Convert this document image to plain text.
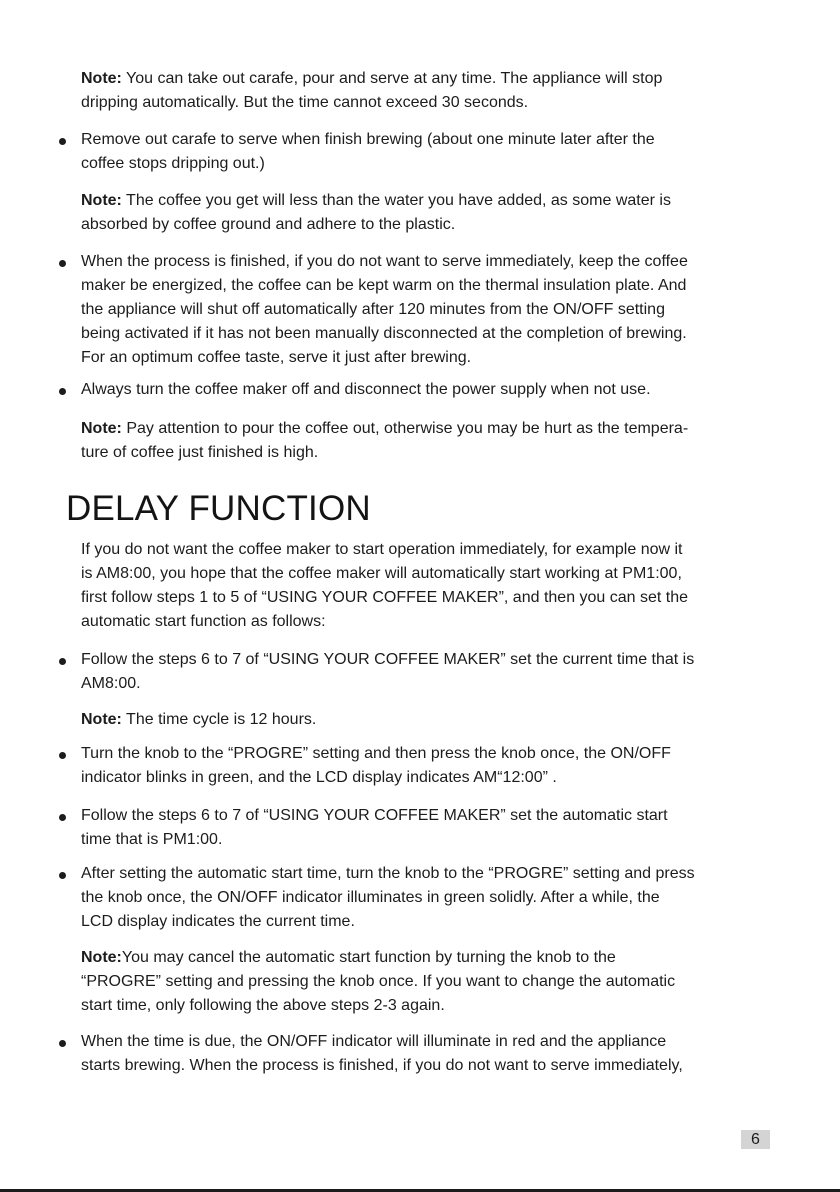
Note: You can take out carafe, pour and serve at any time. The appliance will stop
dripping automatically. But the time cannot exceed 30 seconds.
Remove out carafe to serve when finish brewing (about one minute later after the
coffee stops dripping out.)
Note: The coffee you get will less than the water you have added, as some water is
absorbed by coffee ground and adhere to the plastic.
When the process is finished, if you do not want to serve immediately, keep the coffee
maker be energized, the coffee can be kept warm on the thermal insulation plate. And
the appliance will shut off automatically after 120 minutes from the ON/OFF setting
being activated if it has not been manually disconnected at the completion of brewing.
For an optimum coffee taste, serve it just after brewing.
Always turn the coffee maker off and disconnect the power supply when not use.
Note: Pay attention to pour the coffee out, otherwise you may be hurt as the tempera-
ture of coffee just finished is high.
If you do not want the coffee maker to start operation immediately, for example now it
is AM8:00, you hope that the coffee maker will automatically start working at PM1:00,
first follow steps 1 to 5 of “USING YOUR COFFEE MAKER”, and then you can set the
automatic start function as follows:
Follow the steps 6 to 7 of “USING YOUR COFFEE MAKER” set the current time that is
AM8:00.
Note: The time cycle is 12 hours.
Turn the knob to the “PROGRE” setting and then press the knob once, the ON/OFF
indicator blinks in green, and the LCD display indicates AM“12:00” .
Follow the steps 6 to 7 of “USING YOUR COFFEE MAKER” set the automatic start
time that is PM1:00.
After setting the automatic start time, turn the knob to the “PROGRE” setting and press
the knob once, the ON/OFF indicator illuminates in green solidly. After a while, the
LCD display indicates the current time.
Note:You may cancel the automatic start function by turning the knob to the
“PROGRE” setting and pressing the knob once. If you want to change the automatic
start time, only following the above steps 2-3 again.
When the time is due, the ON/OFF indicator will illuminate in red and the appliance
starts brewing. When the process is finished, if you do not want to serve immediately,
DELAY FUNCTION
6
